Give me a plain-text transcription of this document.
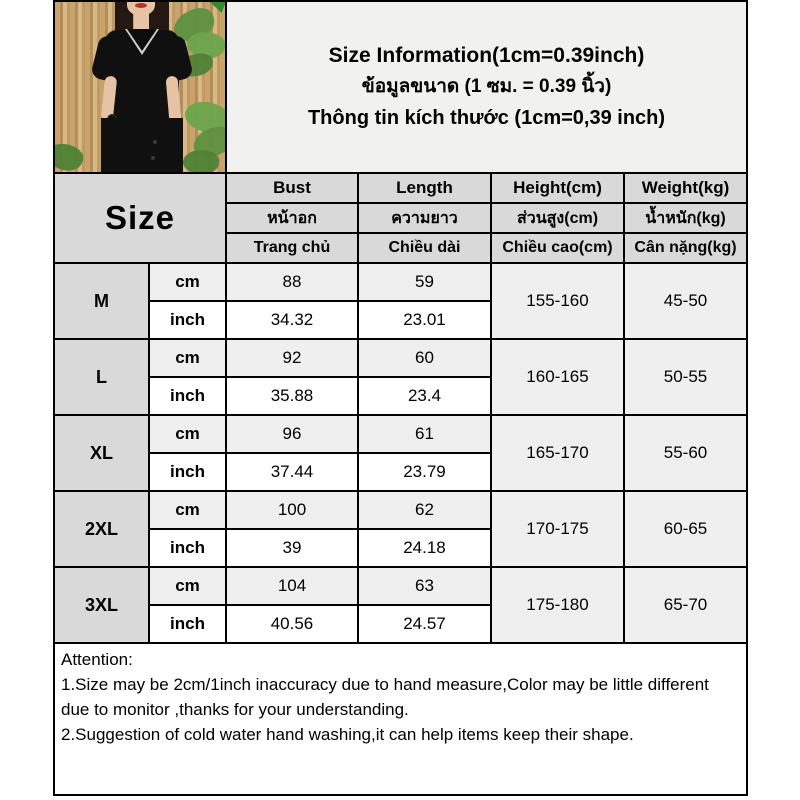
		Size Information(1cm=0.39inch)
ข้อมูลขนาด (1 ซม. = 0.39 นิ้ว)
Thông tin kích thước (1cm=0,39 inch)			

Size		Bust	Length	Height(cm)	Weight(kg)
		หน้าอก	ความยาว	ส่วนสูง(cm)	น้ำหนัก(kg)
		Trang chủ	Chiều dài	Chiều cao(cm)	Cân nặng(kg)
M	cm	88	59	155-160	45-50
	inch	34.32	23.01		
L	cm	92	60	160-165	50-55
	inch	35.88	23.4		
XL	cm	96	61	165-170	55-60
	inch	37.44	23.79		
2XL	cm	100	62	170-175	60-65
	inch	39	24.18		
3XL	cm	104	63	175-180	65-70
	inch	40.56	24.57		

Attention:
1.Size may be 2cm/1inch inaccuracy due to hand measure,Color may be little different due to monitor ,thanks for your understanding.
2.Suggestion of cold water hand washing,it can help items keep their shape.					
